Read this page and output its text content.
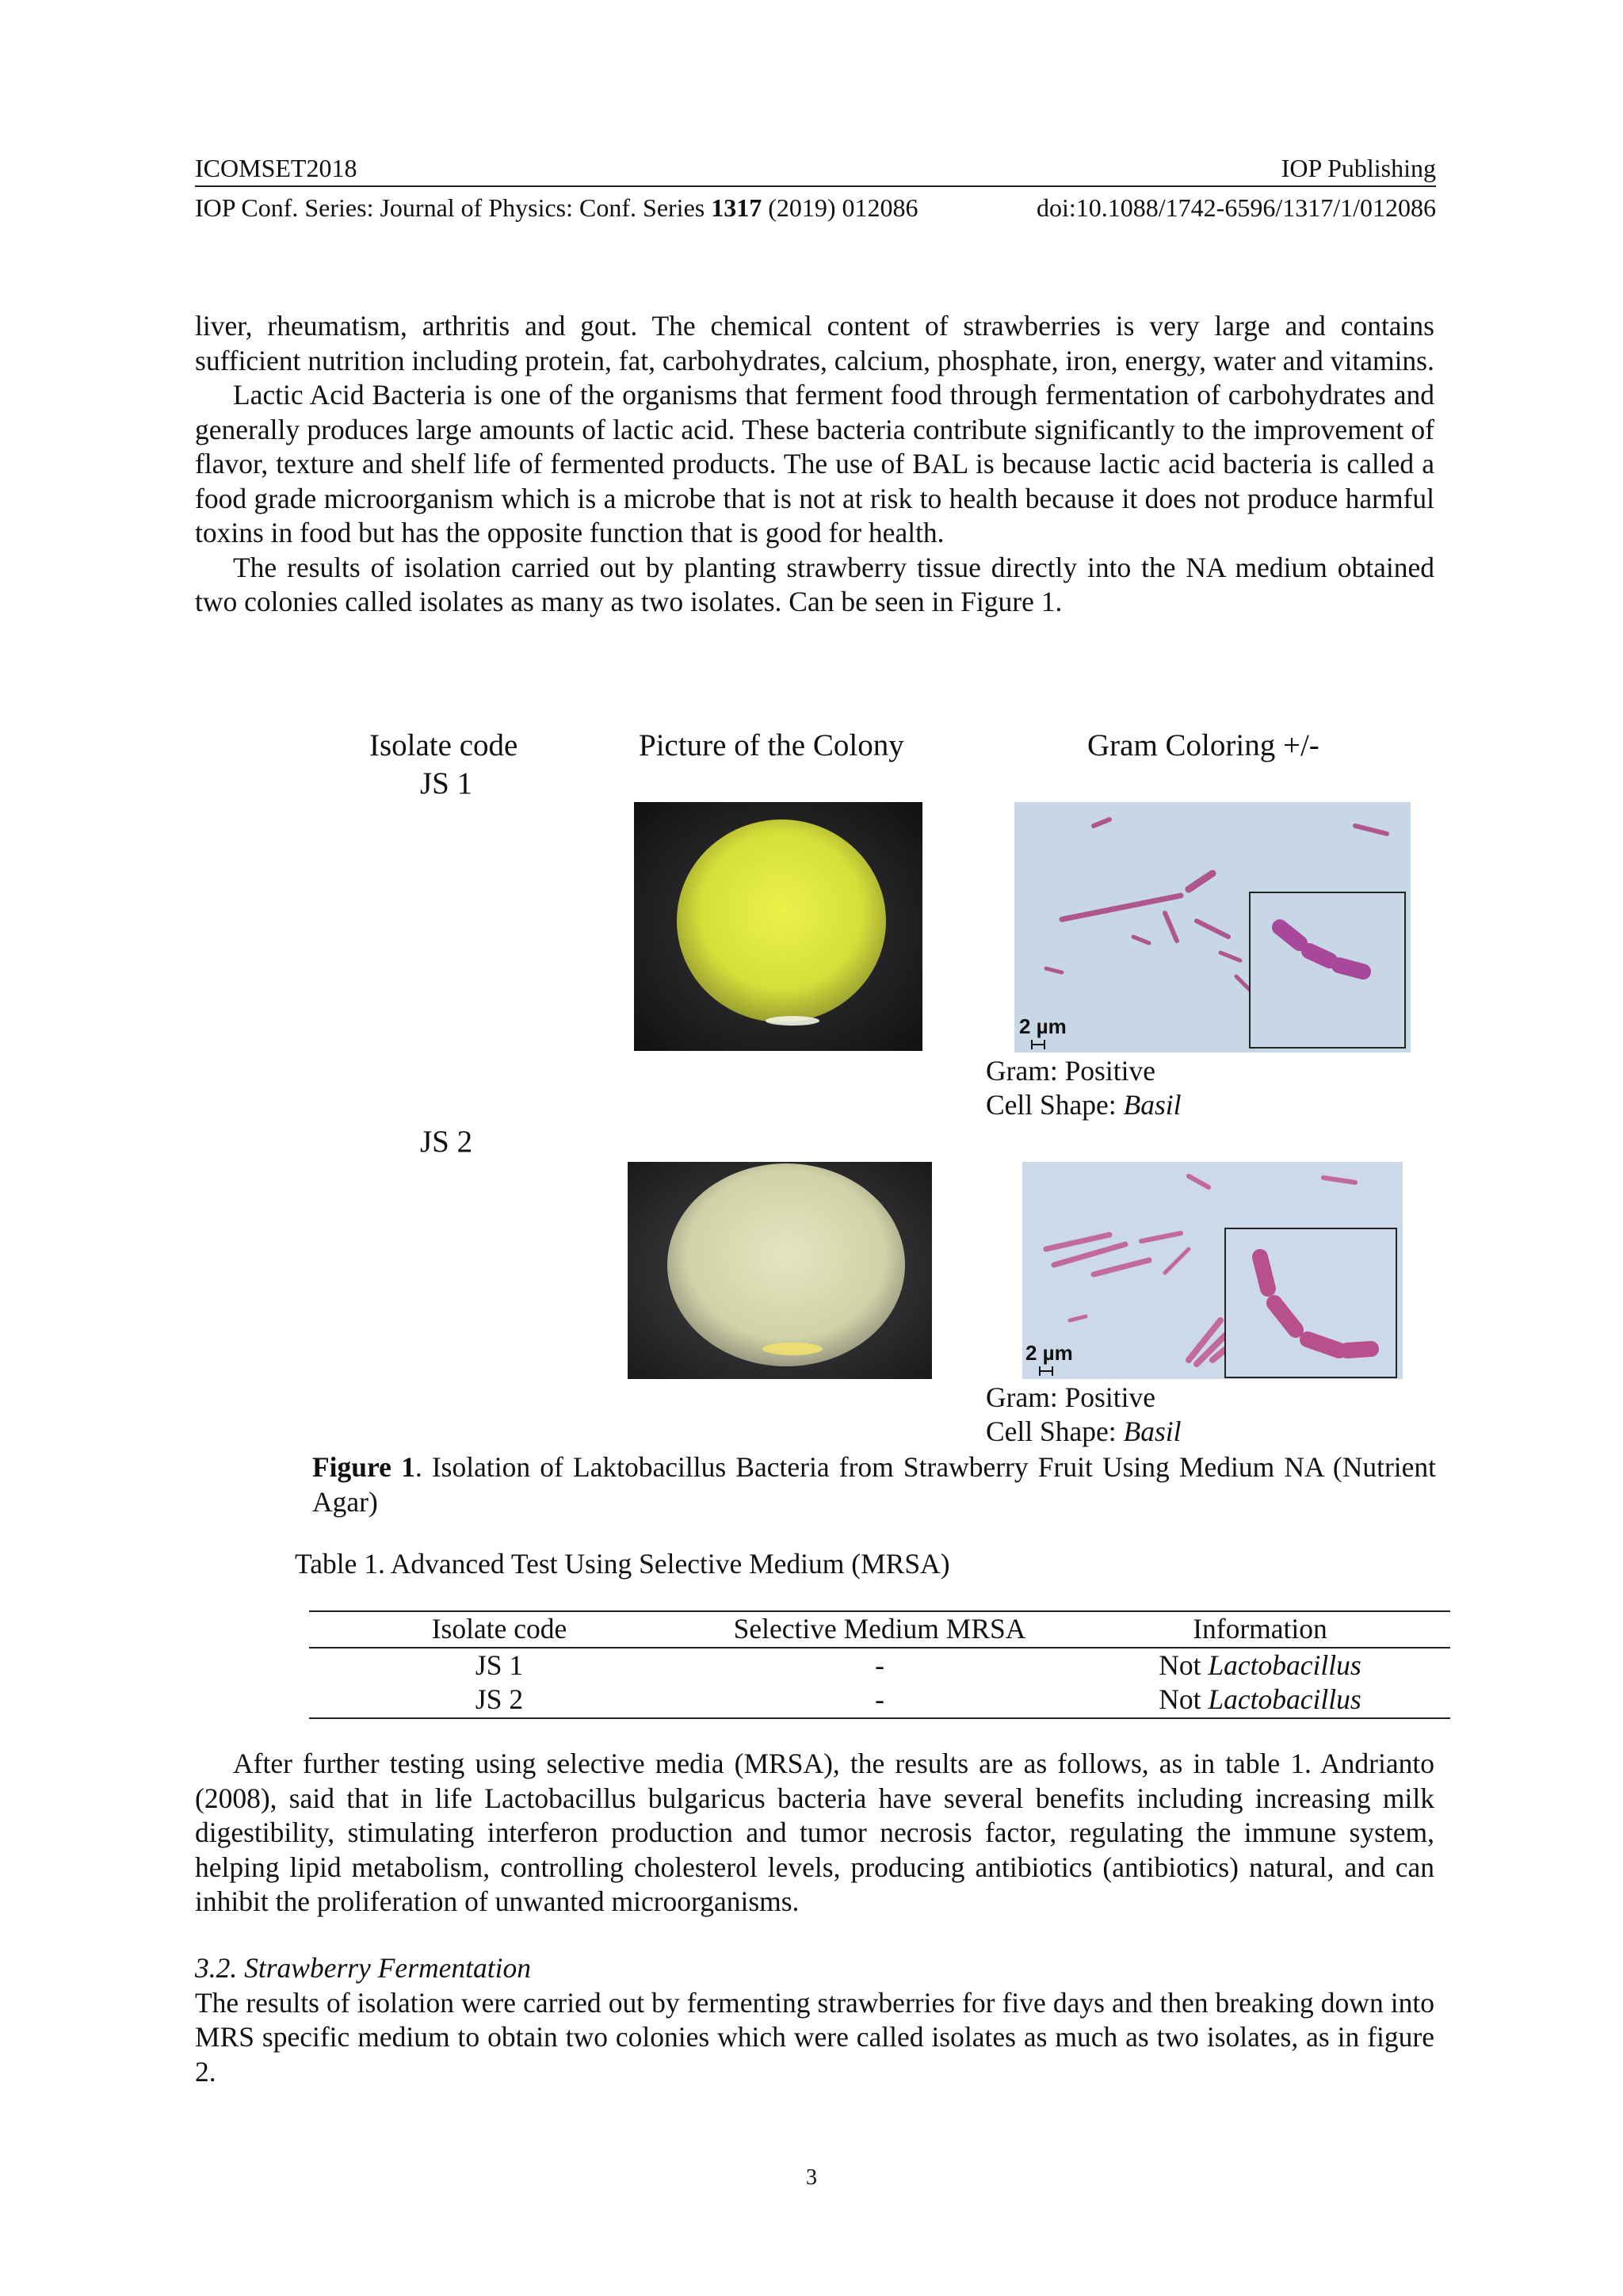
ICOMSET2018	IOP Publishing
IOP Conf. Series: Journal of Physics: Conf. Series 1317 (2019) 012086	doi:10.1088/1742-6596/1317/1/012086

liver, rheumatism, arthritis and gout. The chemical content of strawberries is very large and contains sufficient nutrition including protein, fat, carbohydrates, calcium, phosphate, iron, energy, water and vitamins.

Lactic Acid Bacteria is one of the organisms that ferment food through fermentation of carbohydrates and generally produces large amounts of lactic acid. These bacteria contribute significantly to the improvement of flavor, texture and shelf life of fermented products. The use of BAL is because lactic acid bacteria is called a food grade microorganism which is a microbe that is not at risk to health because it does not produce harmful toxins in food but has the opposite function that is good for health.

The results of isolation carried out by planting strawberry tissue directly into the NA medium obtained two colonies called isolates as many as two isolates. Can be seen in Figure 1.

Isolate code	Picture of the Colony	Gram Coloring +/-
JS 1
JS 2
2 µm
Gram: Positive
Cell Shape: Basil
2 µm
Gram: Positive
Cell Shape: Basil
Figure 1. Isolation of Laktobacillus Bacteria from Strawberry Fruit Using Medium NA (Nutrient Agar)
Table 1. Advanced Test Using Selective Medium (MRSA)
Isolate code	Selective Medium MRSA	Information
JS 1	-	Not Lactobacillus
JS 2	-	Not Lactobacillus

After further testing using selective media (MRSA), the results are as follows, as in table 1. Andrianto (2008), said that in life Lactobacillus bulgaricus bacteria have several benefits including increasing milk digestibility, stimulating interferon production and tumor necrosis factor, regulating the immune system, helping lipid metabolism, controlling cholesterol levels, producing antibiotics (antibiotics) natural, and can inhibit the proliferation of unwanted microorganisms.

3.2. Strawberry Fermentation

The results of isolation were carried out by fermenting strawberries for five days and then breaking down into MRS specific medium to obtain two colonies which were called isolates as much as two isolates, as in figure 2.

3
